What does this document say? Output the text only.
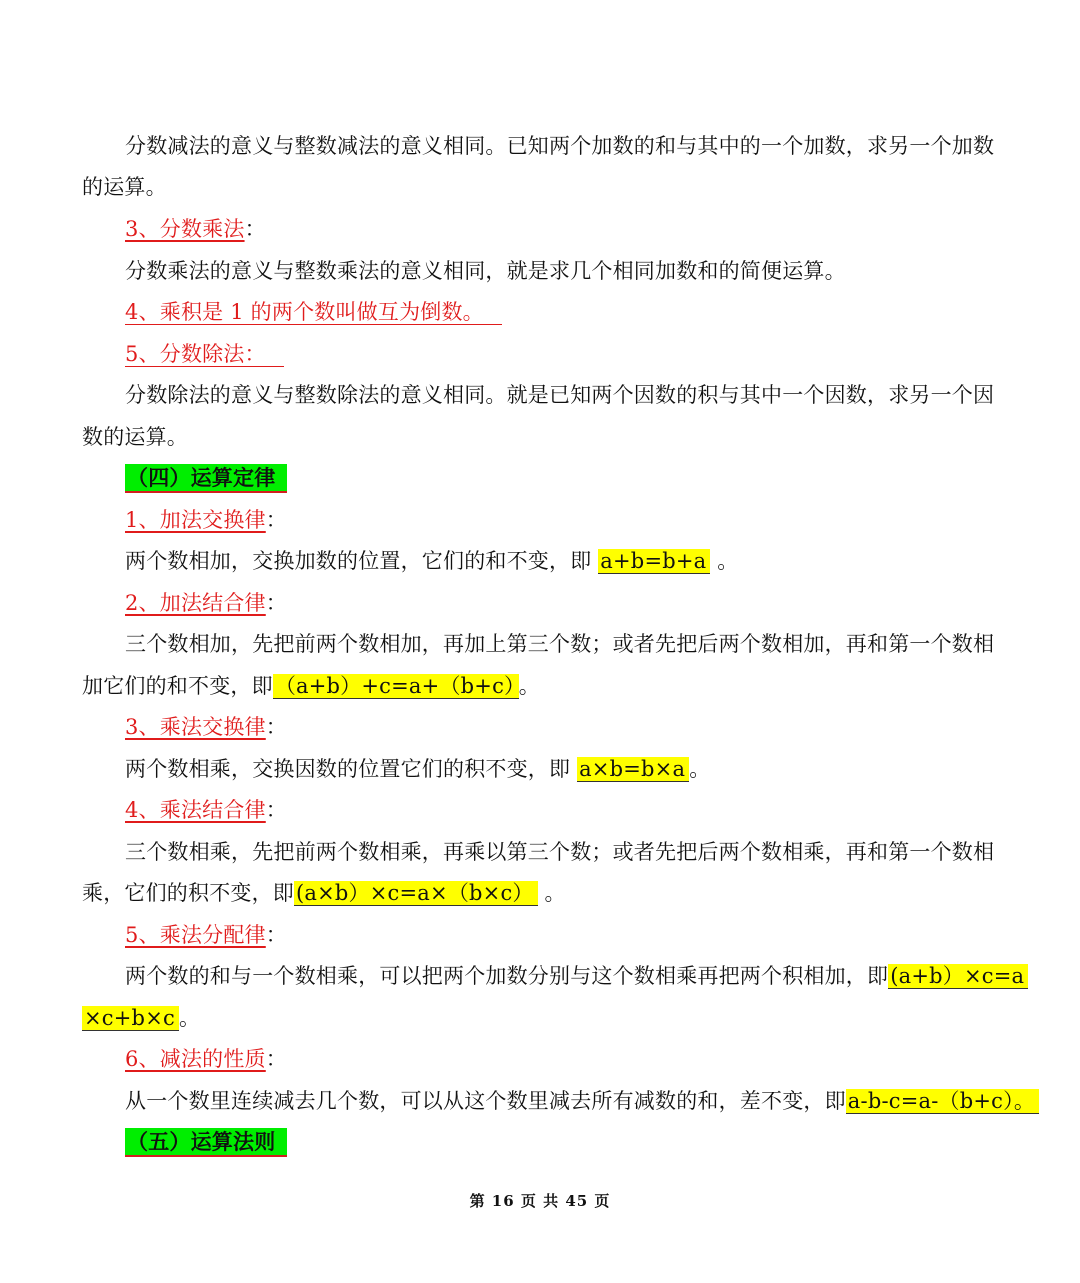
分数减法的意义与整数减法的意义相同。已知两个加数的和与其中的一个加数，求另一个加数
的运算。
3、分数乘法：
分数乘法的意义与整数乘法的意义相同，就是求几个相同加数和的简便运算。
4、乘积是 1 的两个数叫做互为倒数。
5、分数除法：
分数除法的意义与整数除法的意义相同。就是已知两个因数的积与其中一个因数，求另一个因
数的运算。
（四）运算定律
1、加法交换律：
两个数相加，交换加数的位置，它们的和不变，即 a+b=b+a 。
2、加法结合律：
三个数相加，先把前两个数相加，再加上第三个数；或者先把后两个数相加，再和第一个数相
加它们的和不变，即（a+b）+c=a+（b+c） 。
3、乘法交换律：
两个数相乘，交换因数的位置它们的积不变，即 a×b=b×a 。
4、乘法结合律：
三个数相乘，先把前两个数相乘，再乘以第三个数；或者先把后两个数相乘，再和第一个数相
乘，它们的积不变，即(a×b）×c=a×（b×c） 。
5、乘法分配律：
两个数的和与一个数相乘，可以把两个加数分别与这个数相乘再把两个积相加，即(a+b）×c=a
×c+b×c 。
6、减法的性质：
从一个数里连续减去几个数，可以从这个数里减去所有减数的和，差不变，即a-b-c=a-（b+c）。
（五）运算法则
第 16 页 共 45 页
